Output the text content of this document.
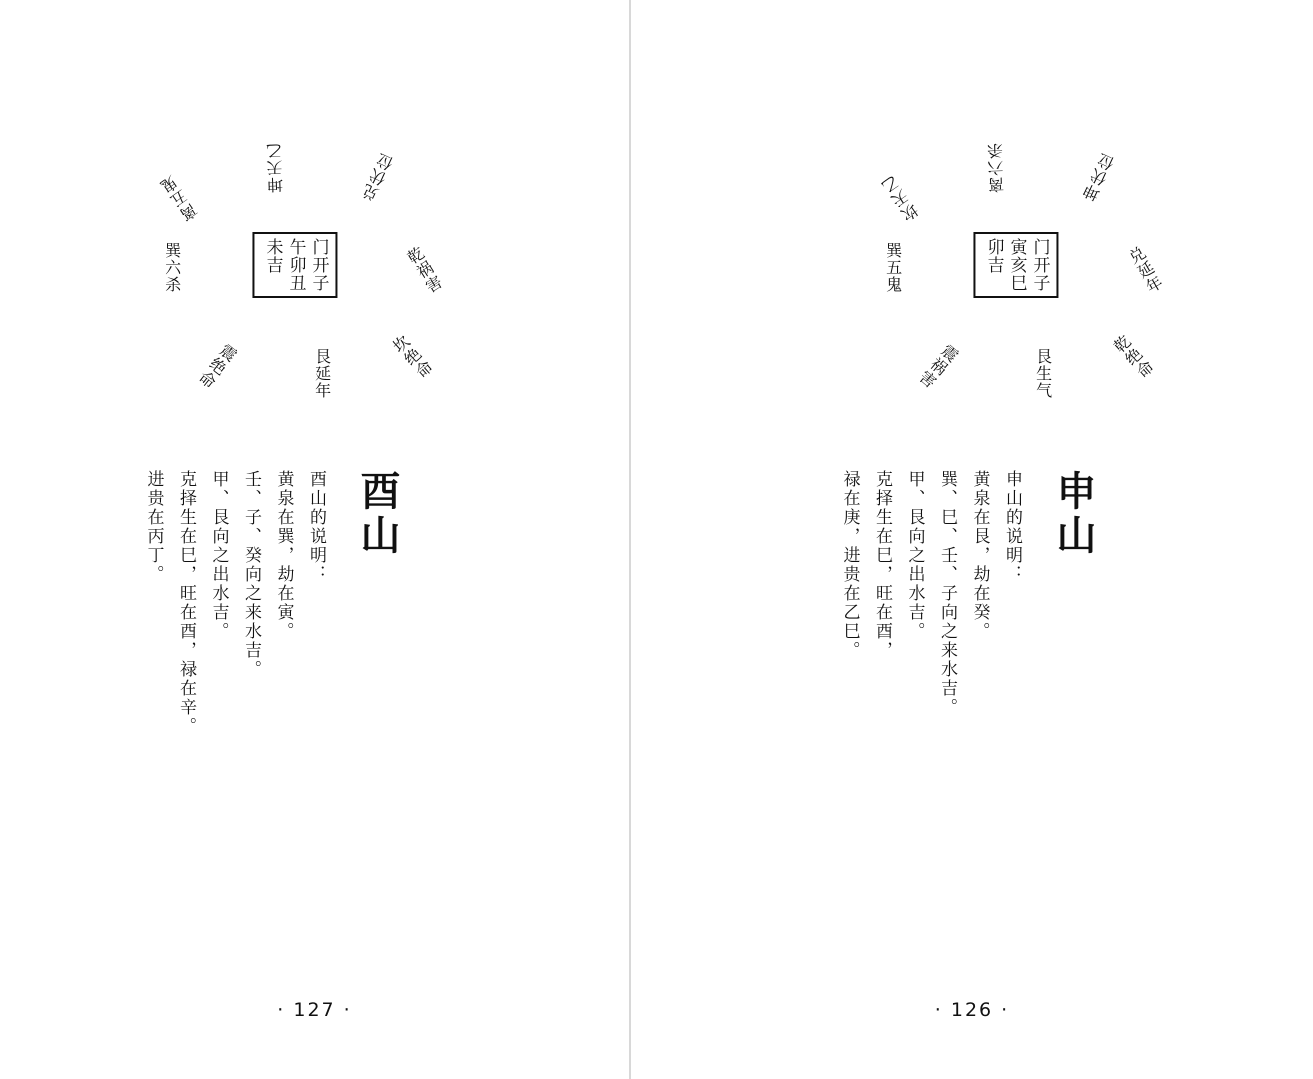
门开子
寅亥巳
卯吉	兑延年
乾绝命
艮生气
震祸害
巽五鬼
坎天乙
离六杀	坤伏位
申山
申山的说明：
黄泉在艮，劫在癸。
巽、巳、壬、子向之来水吉。
甲、艮向之出水吉。
克择生在巳，旺在酉，
禄在庚，进贵在乙巳。
· 126 ·
门开子
午卯丑
未吉	乾祸害
坎绝命
艮延年
震绝命
巽六杀
离五鬼
坤天乙	兑伏位
酉山
酉山的说明：
黄泉在巽，劫在寅。
壬、子、癸向之来水吉。
甲、艮向之出水吉。
克择生在巳，旺在酉，禄在辛。
进贵在丙丁。
· 127 ·
